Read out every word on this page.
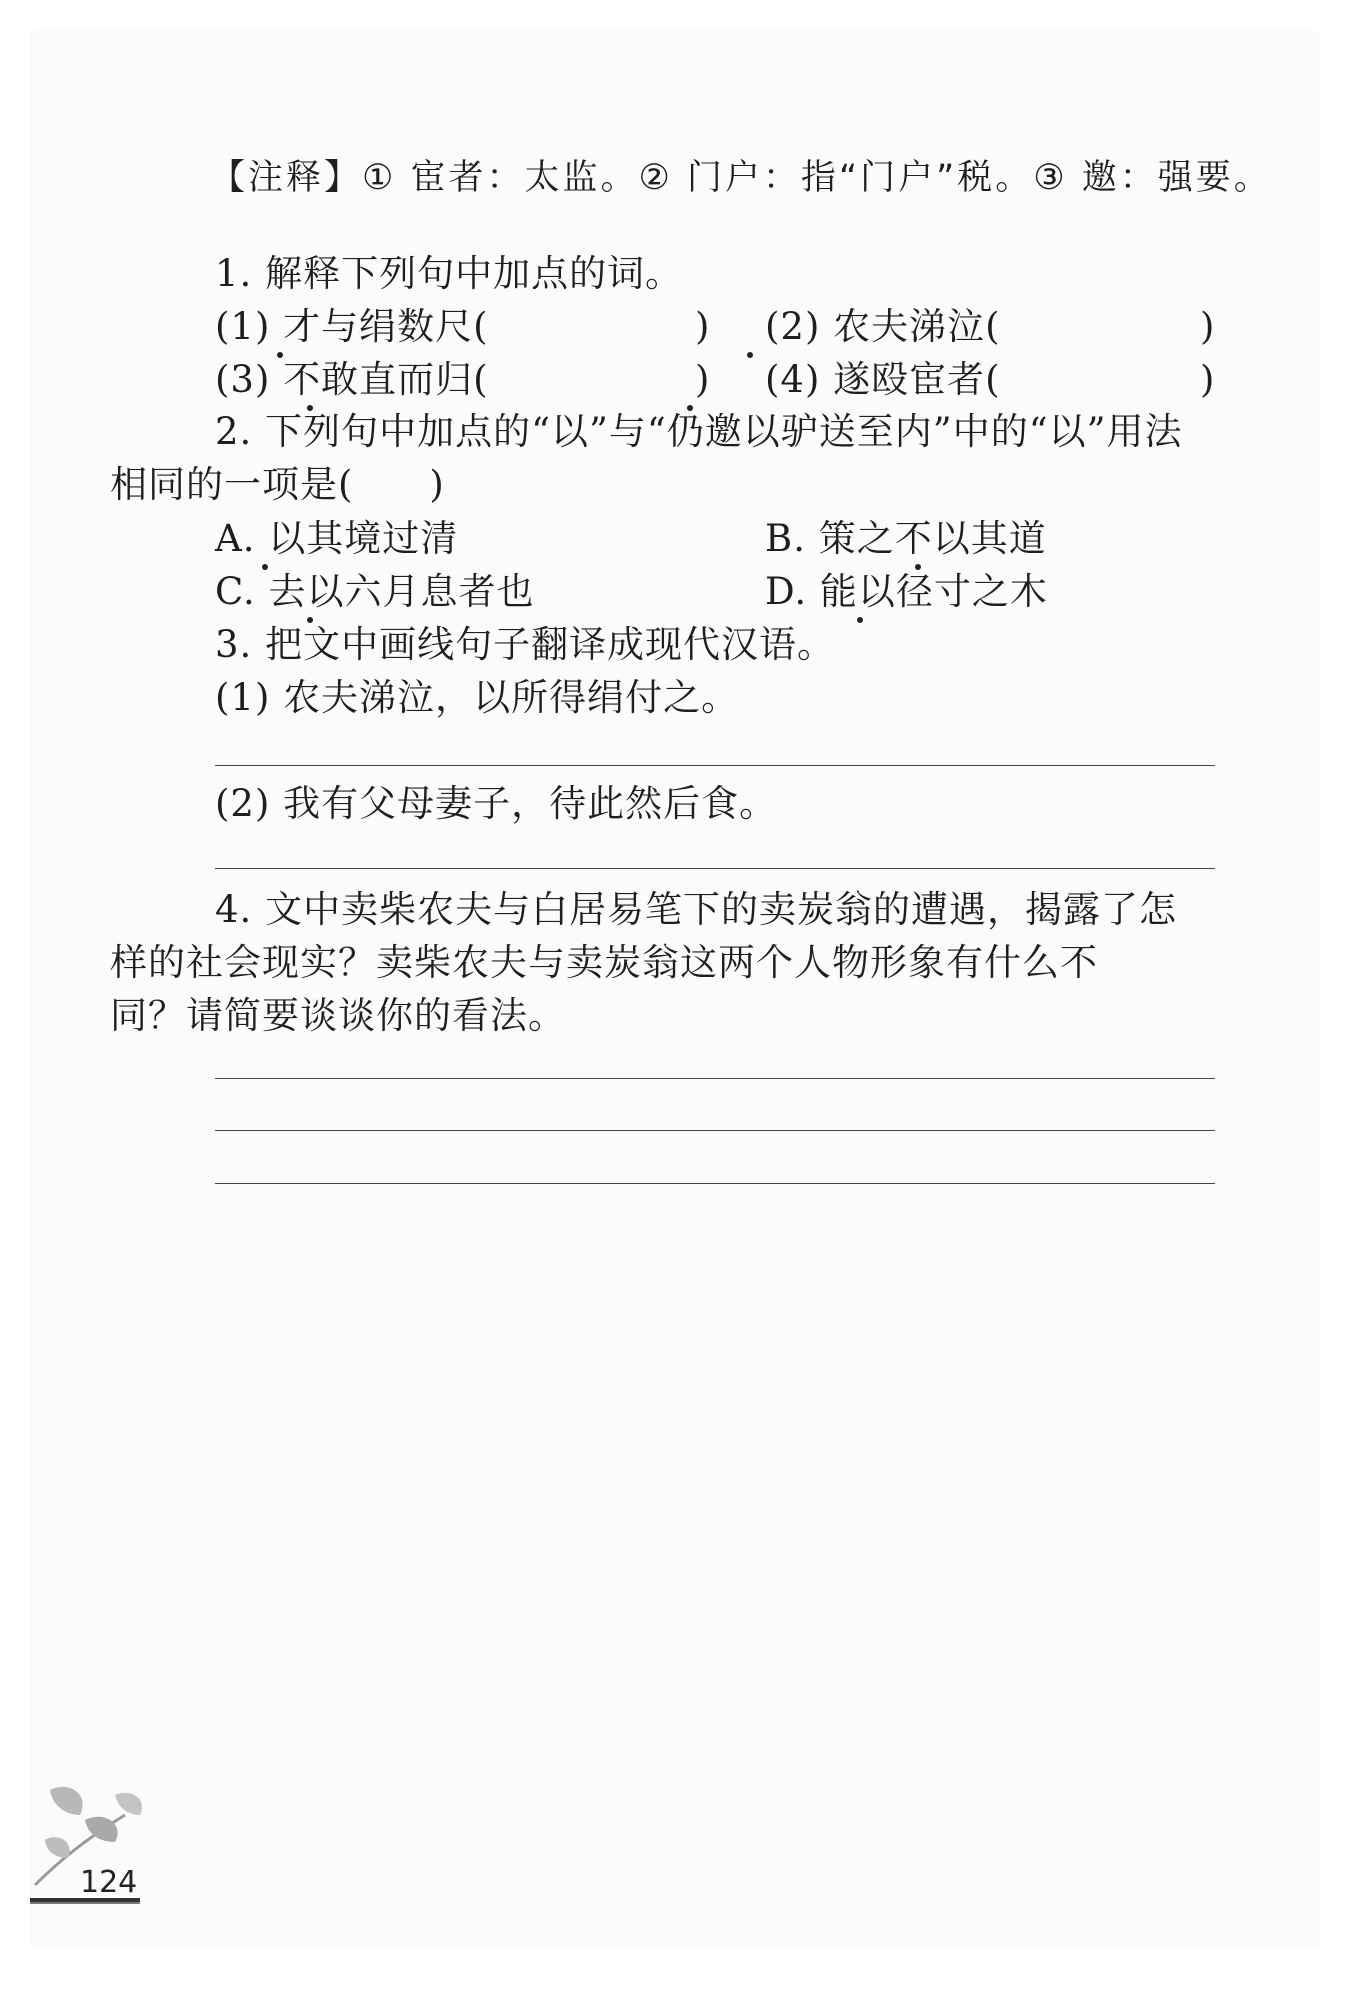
【注释】① 宦者：太监。② 门户：指“门户”税。③ 邀：强要。
1. 解释下列句中加点的词。
(1) 才与绢数尺(	) (2) 农夫涕泣(	)
(3) 不敢直而归(	) (4) 遂殴宦者(	)
2. 下列句中加点的“以”与“仍邀以驴送至内”中的“以”用法
相同的一项是(　　)
A. 以其境过清	B. 策之不以其道
C. 去以六月息者也	D. 能以径寸之木
3. 把文中画线句子翻译成现代汉语。
(1) 农夫涕泣，以所得绢付之。
(2) 我有父母妻子，待此然后食。
4. 文中卖柴农夫与白居易笔下的卖炭翁的遭遇，揭露了怎
样的社会现实？卖柴农夫与卖炭翁这两个人物形象有什么不
同？请简要谈谈你的看法。
124
